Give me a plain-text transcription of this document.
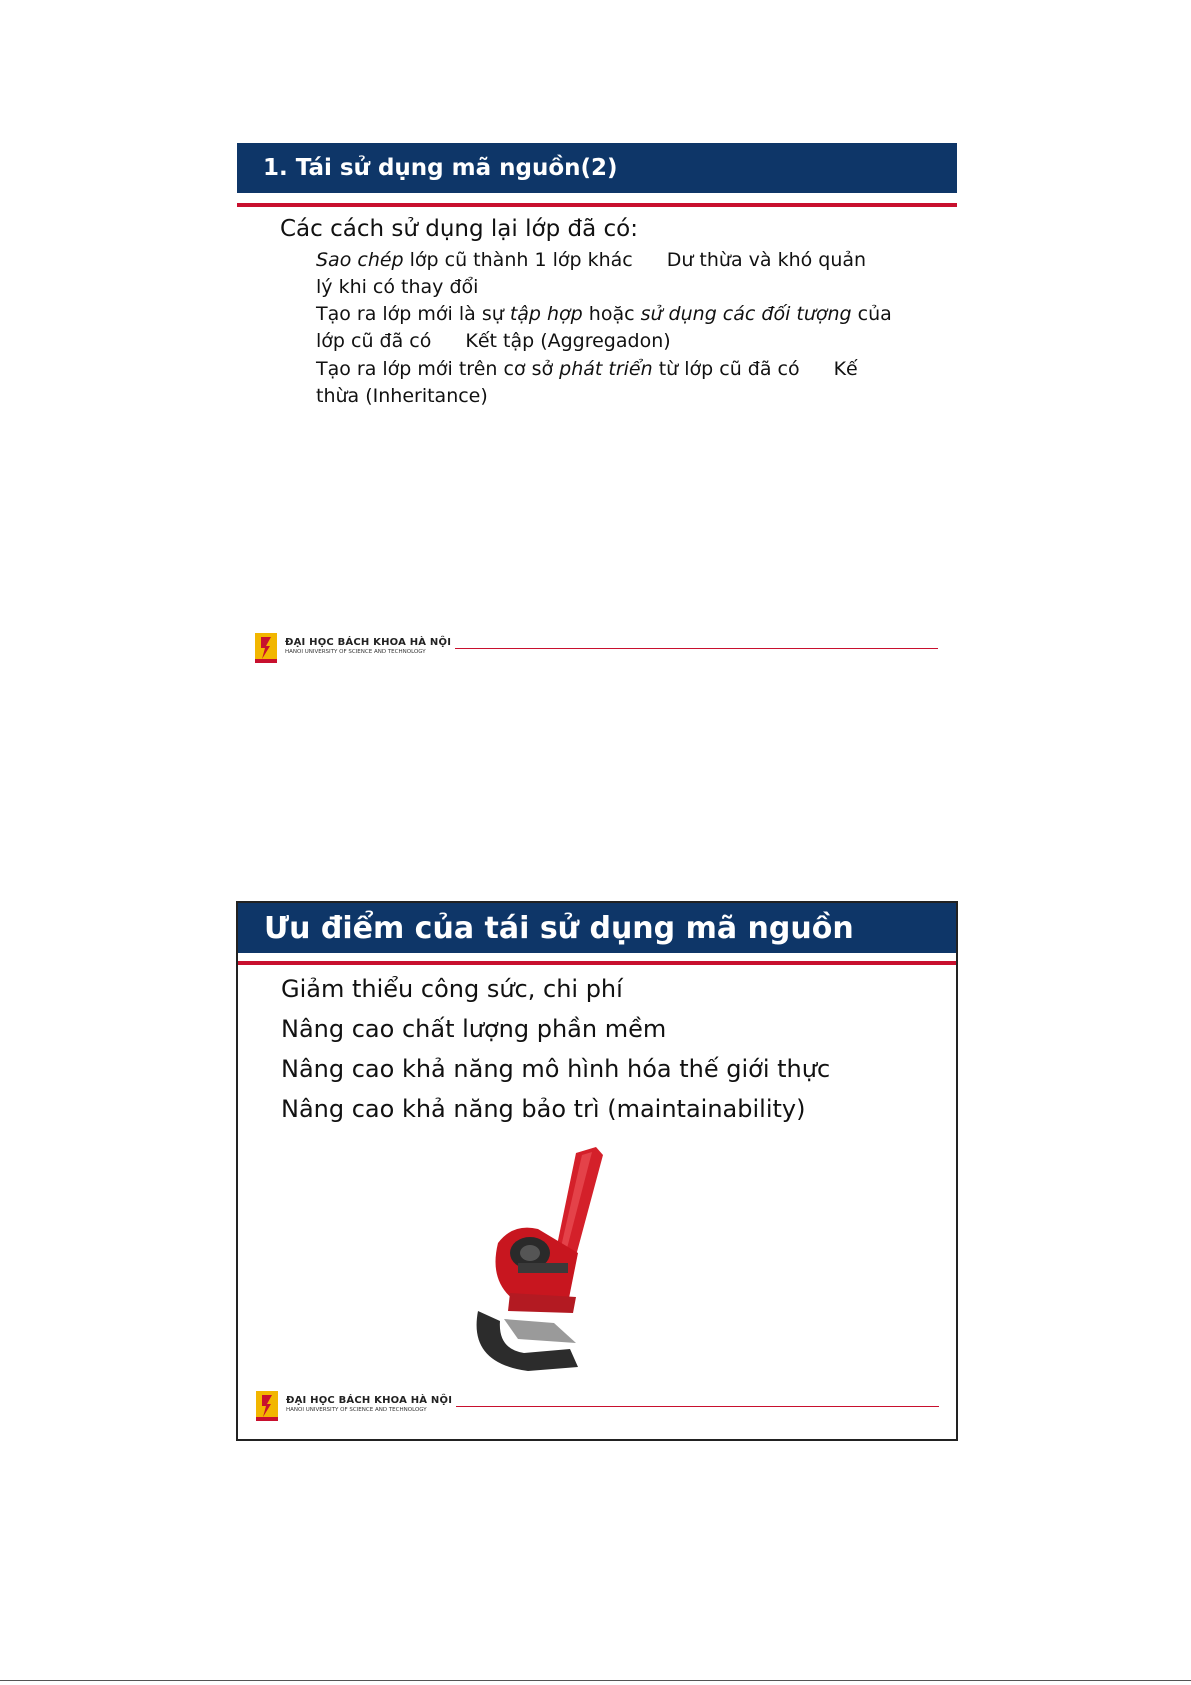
1. Tái sử dụng mã nguồn(2)
Các cách sử dụng lại lớp đã có:
Sao chép lớp cũ thành 1 lớp khác Dư thừa và khó quản
lý khi có thay đổi
Tạo ra lớp mới là sự tập hợp hoặc sử dụng các đối tượng của
lớp cũ đã có Kết tập (Aggregadon)
Tạo ra lớp mới trên cơ sở phát triển từ lớp cũ đã có Kế
thừa (Inheritance)
ĐẠI HỌC BÁCH KHOA HÀ NỘI
HANOI UNIVERSITY OF SCIENCE AND TECHNOLOGY
Ưu điểm của tái sử dụng mã nguồn
Giảm thiểu công sức, chi phí
Nâng cao chất lượng phần mềm
Nâng cao khả năng mô hình hóa thế giới thực
Nâng cao khả năng bảo trì (maintainability)
ĐẠI HỌC BÁCH KHOA HÀ NỘI
HANOI UNIVERSITY OF SCIENCE AND TECHNOLOGY
